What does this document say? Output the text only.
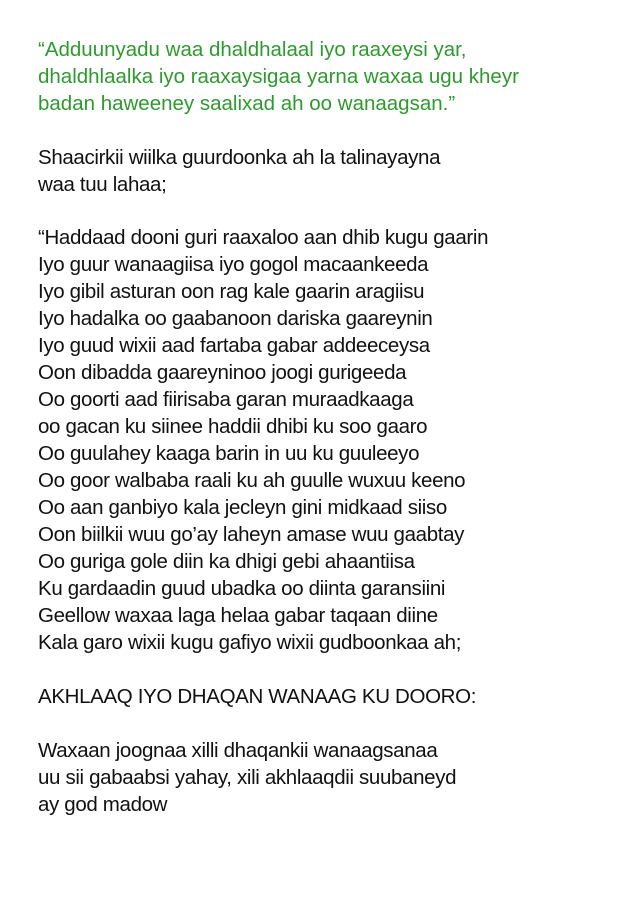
“Adduunyadu waa dhaldhalaal iyo raaxeysi yar,
dhaldhlaalka iyo raaxaysigaa yarna waxaa ugu kheyr
badan haweeney saalixad ah oo wanaagsan.”
Shaacirkii wiilka guurdoonka ah la talinayayna
waa tuu lahaa;
“Haddaad dooni guri raaxaloo aan dhib kugu gaarin
Iyo guur wanaagiisa iyo gogol macaankeeda
Iyo gibil asturan oon rag kale gaarin aragiisu
Iyo hadalka oo gaabanoon dariska gaareynin
Iyo guud wixii aad fartaba gabar addeeceysa
Oon dibadda gaareyninoo joogi gurigeeda
Oo goorti aad fiirisaba garan muraadkaaga
oo gacan ku siinee haddii dhibi ku soo gaaro
Oo guulahey kaaga barin in uu ku guuleeyo
Oo goor walbaba raali ku ah guulle wuxuu keeno
Oo aan ganbiyo kala jecleyn gini midkaad siiso
Oon biilkii wuu go’ay laheyn amase wuu gaabtay
Oo guriga gole diin ka dhigi gebi ahaantiisa
Ku gardaadin guud ubadka oo diinta garansiini
Geellow waxaa laga helaa gabar taqaan diine
Kala garo wixii kugu gafiyo wixii gudboonkaa ah;
AKHLAAQ IYO DHAQAN WANAAG KU DOORO:
Waxaan joognaa xilli dhaqankii wanaagsanaa
uu sii gabaabsi yahay, xili akhlaaqdii suubaneyd
ay god madow
